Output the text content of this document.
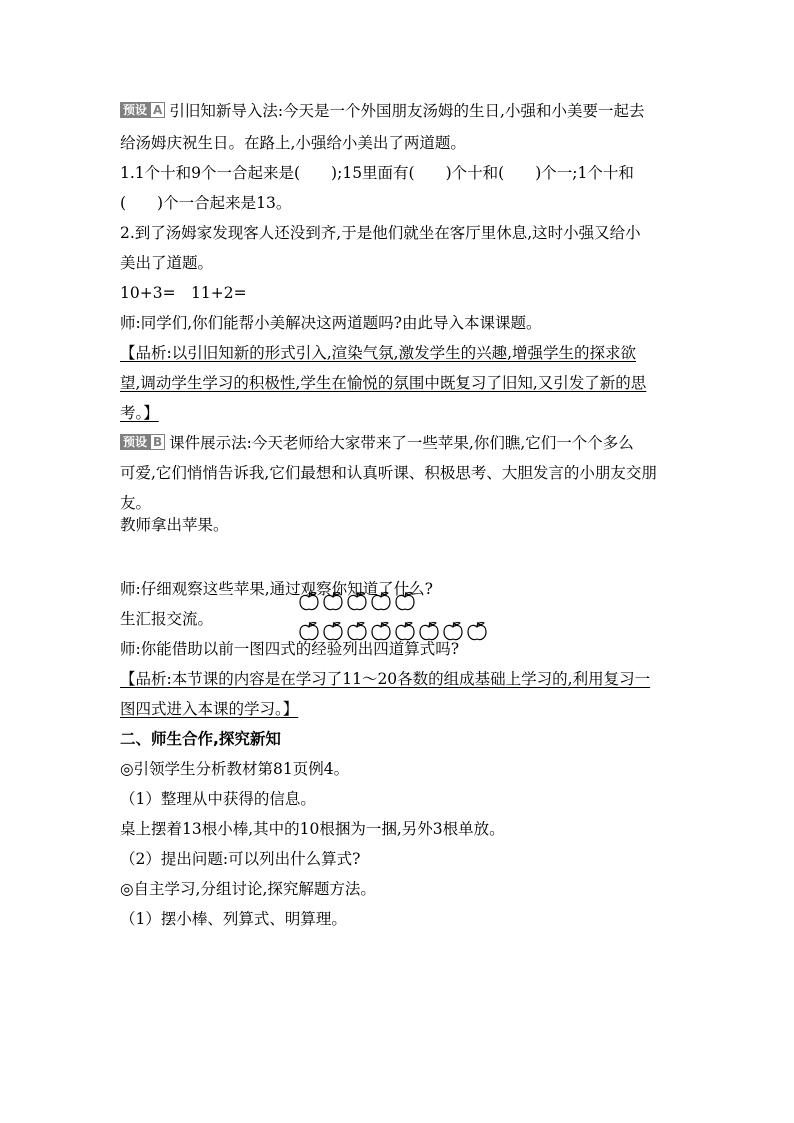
预设 A 引旧知新导入法:今天是一个外国朋友汤姆的生日,小强和小美要一起去

给汤姆庆祝生日。在路上,小强给小美出了两道题。

1.1个十和9个一合起来是(　　);15里面有(　　)个十和(　　)个一;1个十和

(　　)个一合起来是13。

2.到了汤姆家发现客人还没到齐,于是他们就坐在客厅里休息,这时小强又给小

美出了道题。

10+3=　11+2=

师:同学们,你们能帮小美解决这两道题吗?由此导入本课课题。

【品析:以引旧知新的形式引入,渲染气氛,激发学生的兴趣,增强学生的探求欲

望,调动学生学习的积极性,学生在愉悦的氛围中既复习了旧知,又引发了新的思

考。】

预设 B 课件展示法:今天老师给大家带来了一些苹果,你们瞧,它们一个个多么

可爱,它们悄悄告诉我,它们最想和认真听课、积极思考、大胆发言的小朋友交朋

友。

教师拿出苹果。

师:仔细观察这些苹果,通过观察你知道了什么?

生汇报交流。

师:你能借助以前一图四式的经验列出四道算式吗?

【品析:本节课的内容是在学习了11～20各数的组成基础上学习的,利用复习一

图四式进入本课的学习。】

二、师生合作,探究新知

◎引领学生分析教材第81页例4。

（1）整理从中获得的信息。

桌上摆着13根小棒,其中的10根捆为一捆,另外3根单放。

（2）提出问题:可以列出什么算式?

◎自主学习,分组讨论,探究解题方法。

（1）摆小棒、列算式、明算理。
